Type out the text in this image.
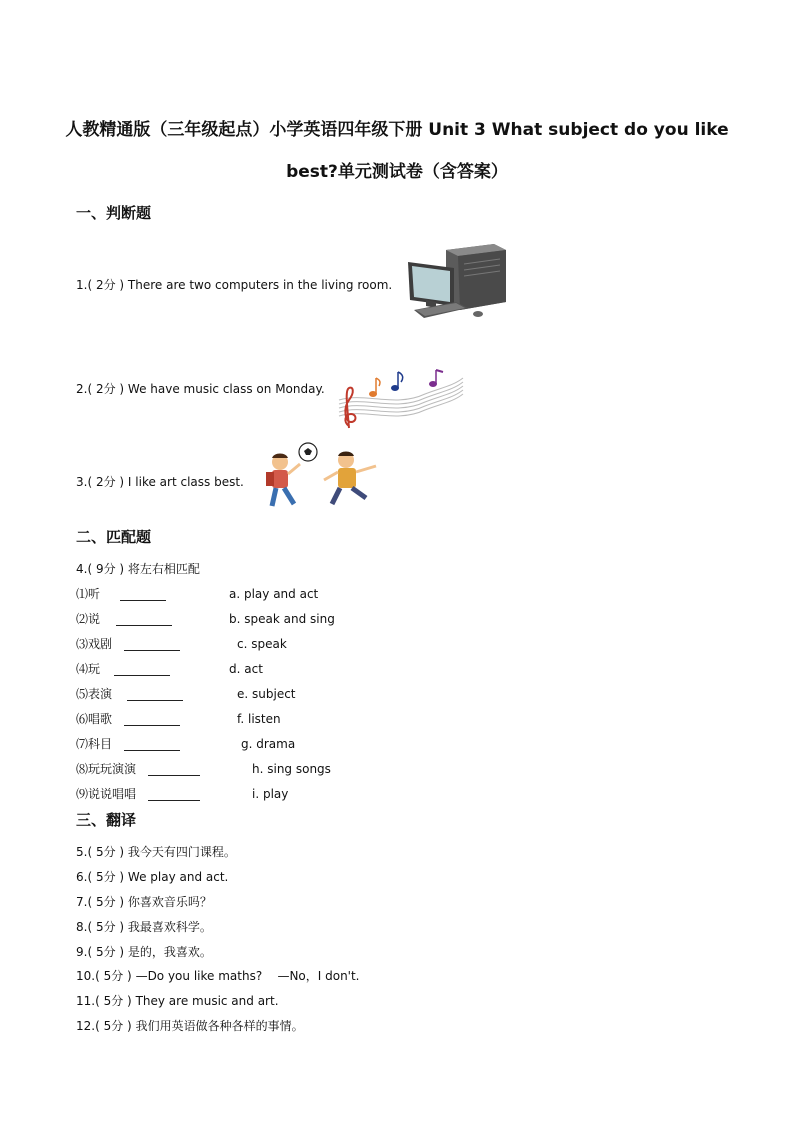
人教精通版（三年级起点）小学英语四年级下册 Unit 3 What subject do you like
best?单元测试卷（含答案）
一、判断题
1.( 2分 ) There are two computers in the living room.
2.( 2分 ) We have music class on Monday.
3.( 2分 ) I like art class best.
二、匹配题
4.( 9分 ) 将左右相匹配
⑴听	a. play and act
⑵说	b. speak and sing
⑶戏剧	c. speak
⑷玩	d. act
⑸表演	e. subject
⑹唱歌	f. listen
⑺科目	g. drama
⑻玩玩演演	h. sing songs
⑼说说唱唱	i. play
三、翻译
5.( 5分 ) 我今天有四门课程。
6.( 5分 ) We play and act.
7.( 5分 ) 你喜欢音乐吗？
8.( 5分 ) 我最喜欢科学。
9.( 5分 ) 是的，我喜欢。
10.( 5分 ) —Do you like maths?    —No，I don't.
11.( 5分 ) They are music and art.
12.( 5分 ) 我们用英语做各种各样的事情。
